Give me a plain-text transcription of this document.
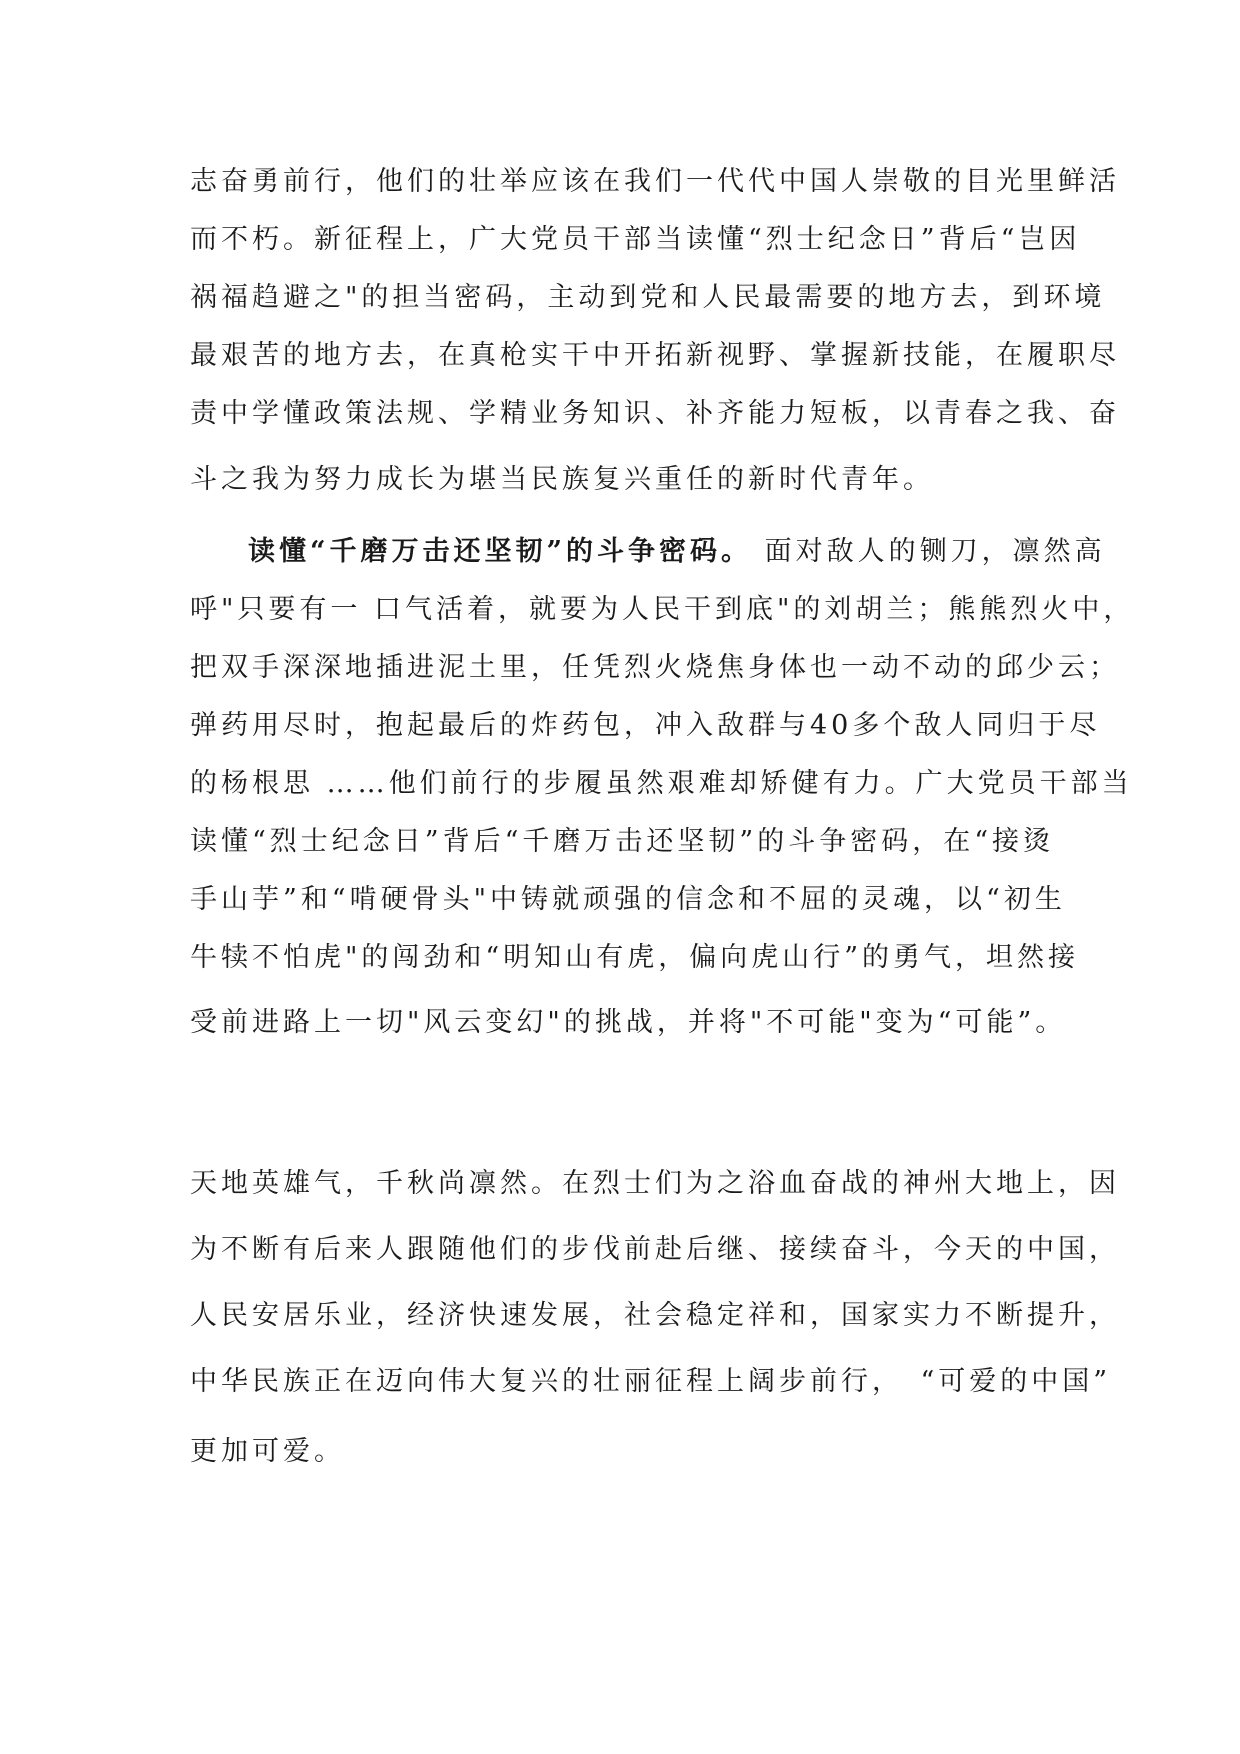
志奋勇前行，他们的壮举应该在我们一代代中国人崇敬的目光里鲜活
而不朽。新征程上，广大党员干部当读懂“烈士纪念日”背后“岂因
祸福趋避之"的担当密码，主动到党和人民最需要的地方去，到环境
最艰苦的地方去，在真枪实干中开拓新视野、掌握新技能，在履职尽
责中学懂政策法规、学精业务知识、补齐能力短板，以青春之我、奋
斗之我为努力成长为堪当民族复兴重任的新时代青年。
读懂“千磨万击还坚韧”的斗争密码。 面对敌人的铡刀，凛然高
呼"只要有一 口气活着，就要为人民干到底"的刘胡兰；熊熊烈火中，
把双手深深地插进泥土里，任凭烈火烧焦身体也一动不动的邱少云；
弹药用尽时，抱起最后的炸药包，冲入敌群与40多个敌人同归于尽
的杨根思 ……他们前行的步履虽然艰难却矫健有力。广大党员干部当
读懂“烈士纪念日”背后“千磨万击还坚韧”的斗争密码，在“接烫
手山芋”和“啃硬骨头"中铸就顽强的信念和不屈的灵魂，以“初生
牛犊不怕虎"的闯劲和“明知山有虎，偏向虎山行”的勇气，坦然接
受前进路上一切"风云变幻"的挑战，并将"不可能"变为“可能”。
天地英雄气，千秋尚凛然。在烈士们为之浴血奋战的神州大地上，因
为不断有后来人跟随他们的步伐前赴后继、接续奋斗，今天的中国，
人民安居乐业，经济快速发展，社会稳定祥和，国家实力不断提升，
中华民族正在迈向伟大复兴的壮丽征程上阔步前行，　“可爱的中国”
更加可爱。
